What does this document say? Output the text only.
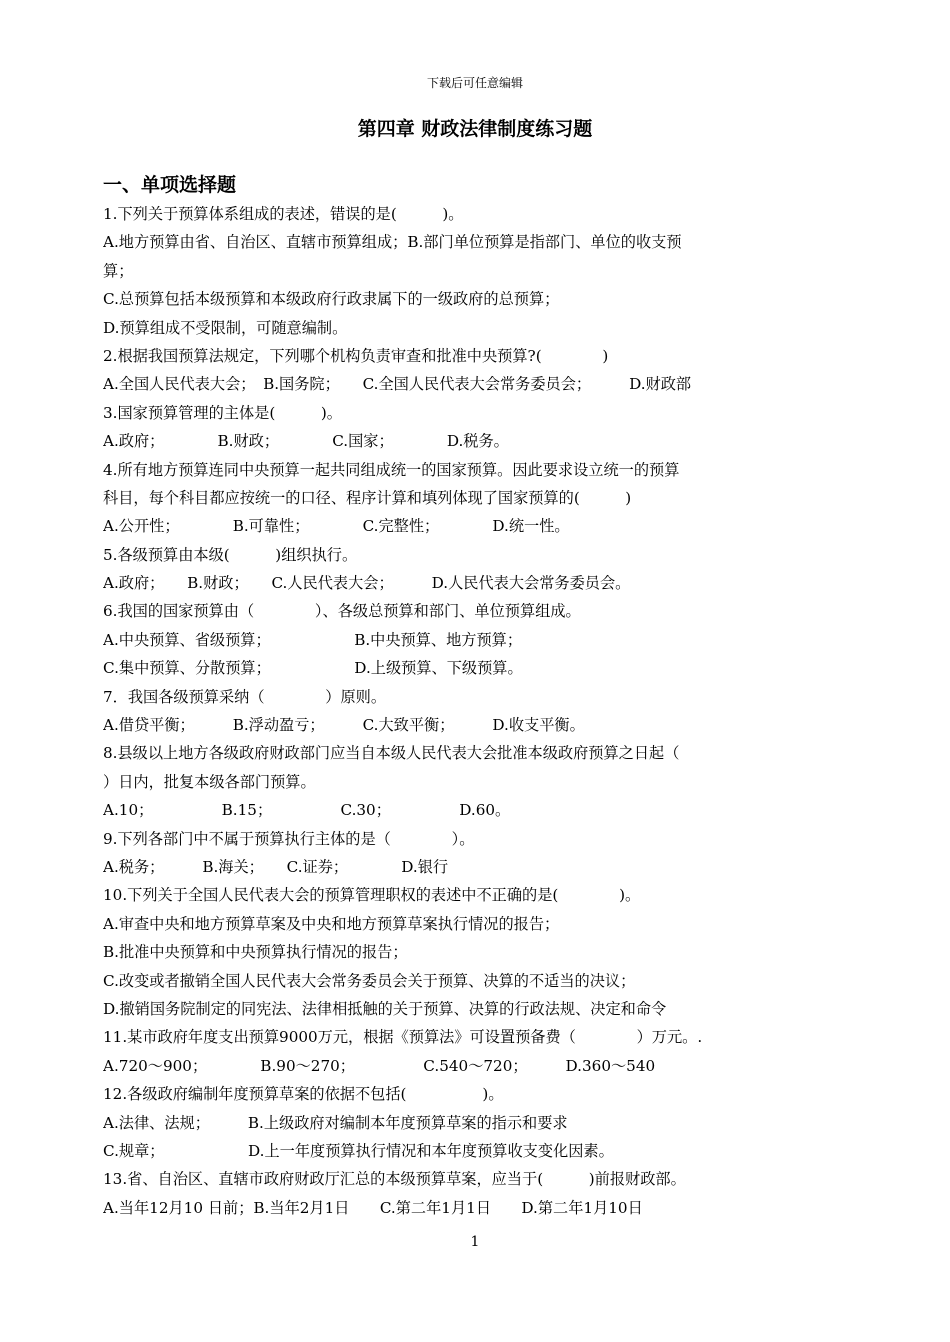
下载后可任意编辑
第四章 财政法律制度练习题
一、单项选择题
1.下列关于预算体系组成的表述，错误的是(　　　)。
A.地方预算由省、自治区、直辖市预算组成；B.部门单位预算是指部门、单位的收支预
算；
C.总预算包括本级预算和本级政府行政隶属下的一级政府的总预算；
D.预算组成不受限制，可随意编制。
2.根据我国预算法规定，下列哪个机构负责审查和批准中央预算?(　　　　)
A.全国人民代表大会；　B.国务院；　　C.全国人民代表大会常务委员会；　　　D.财政部
3.国家预算管理的主体是(　　　)。
A.政府；　　　　B.财政；　　　　C.国家；　　　　D.税务。
4.所有地方预算连同中央预算一起共同组成统一的国家预算。因此要求设立统一的预算
科目，每个科目都应按统一的口径、程序计算和填列体现了国家预算的(　　　)
A.公开性；　　　　B.可靠性；　　　　C.完整性；　　　　D.统一性。
5.各级预算由本级(　　　)组织执行。
A.政府；　　B.财政；　　C.人民代表大会；　　　D.人民代表大会常务委员会。
6.我国的国家预算由（　　　　）、各级总预算和部门、单位预算组成。
A.中央预算、省级预算；　　　　　　B.中央预算、地方预算；
C.集中预算、分散预算；　　　　　　D.上级预算、下级预算。
7．我国各级预算采纳（　　　　）原则。
A.借贷平衡；　　　B.浮动盈亏；　　　C.大致平衡；　　　D.收支平衡。
8.县级以上地方各级政府财政部门应当自本级人民代表大会批准本级政府预算之日起（
）日内，批复本级各部门预算。
A.10；　　　　　B.15；　　　　　C.30；　　　　　D.60。
9.下列各部门中不属于预算执行主体的是（　　　　）。
A.税务；　　　B.海关；　　C.证券；　　　　D.银行
10.下列关于全国人民代表大会的预算管理职权的表述中不正确的是(　　　　)。
A.审查中央和地方预算草案及中央和地方预算草案执行情况的报告；
B.批准中央预算和中央预算执行情况的报告；
C.改变或者撤销全国人民代表大会常务委员会关于预算、决算的不适当的决议；
D.撤销国务院制定的同宪法、法律相抵触的关于预算、决算的行政法规、决定和命令
11.某市政府年度支出预算9000万元，根据《预算法》可设置预备费（　　　　）万元。.
A.720～900；　　　　B.90～270；　　　　　C.540～720；　　　D.360～540
12.各级政府编制年度预算草案的依据不包括(　　　　　)。
A.法律、法规；　　　B.上级政府对编制本年度预算草案的指示和要求
C.规章；　　　　　　D.上一年度预算执行情况和本年度预算收支变化因素。
13.省、自治区、直辖市政府财政厅汇总的本级预算草案，应当于(　　　)前报财政部。
A.当年12月10 日前；B.当年2月1日　　C.第二年1月1日　　D.第二年1月10日
1
